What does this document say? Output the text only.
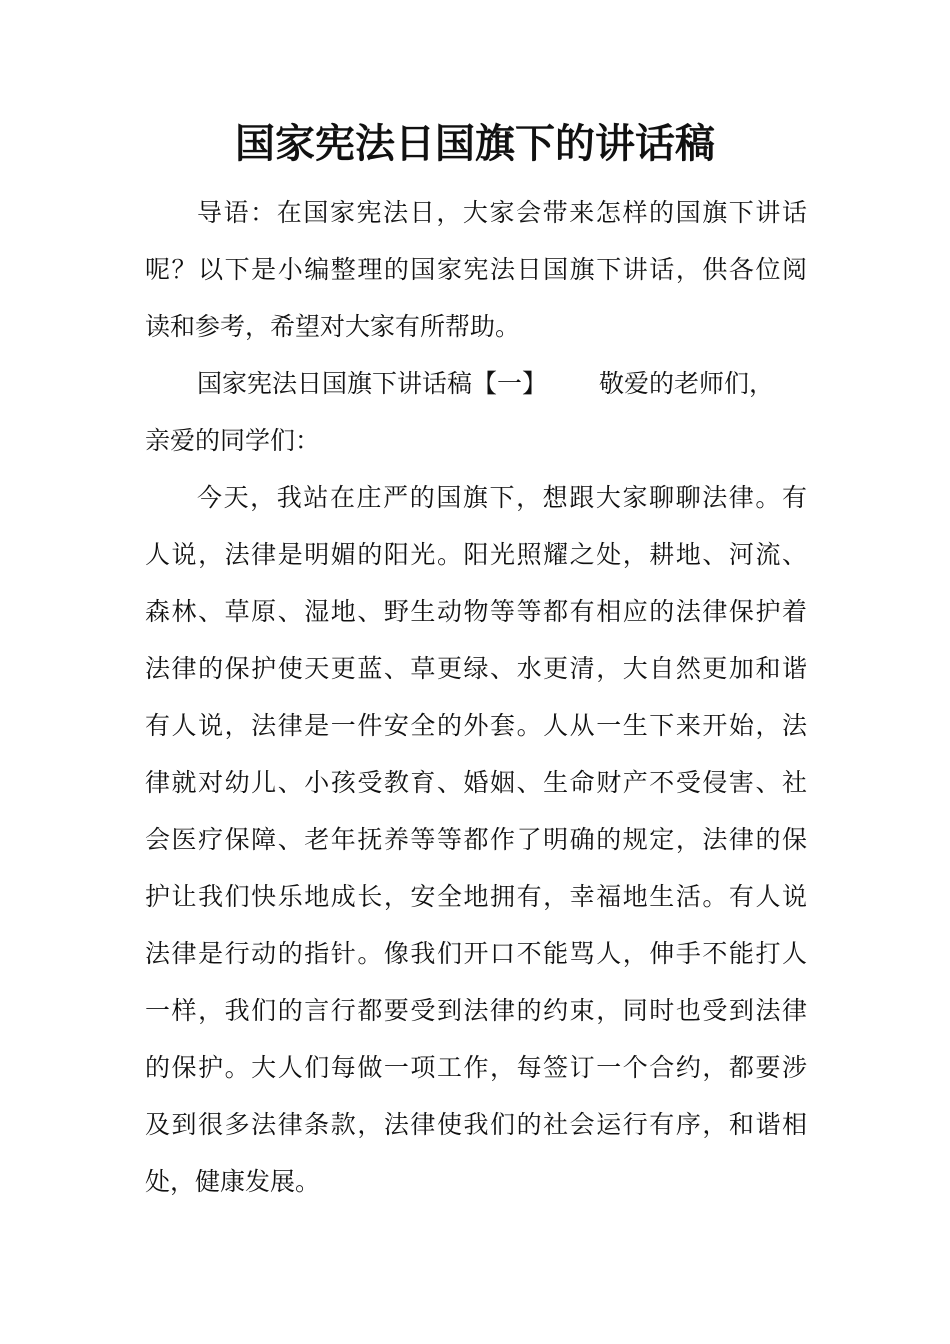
国家宪法日国旗下的讲话稿
导语：在国家宪法日，大家会带来怎样的国旗下讲话
呢？以下是小编整理的国家宪法日国旗下讲话，供各位阅
读和参考，希望对大家有所帮助。
国家宪法日国旗下讲话稿【一】 敬爱的老师们，
亲爱的同学们：
今天，我站在庄严的国旗下，想跟大家聊聊法律。有
人说，法律是明媚的阳光。阳光照耀之处，耕地、河流、
森林、草原、湿地、野生动物等等都有相应的法律保护着
法律的保护使天更蓝、草更绿、水更清，大自然更加和谐
有人说，法律是一件安全的外套。人从一生下来开始，法
律就对幼儿、小孩受教育、婚姻、生命财产不受侵害、社
会医疗保障、老年抚养等等都作了明确的规定，法律的保
护让我们快乐地成长，安全地拥有，幸福地生活。有人说
法律是行动的指针。像我们开口不能骂人，伸手不能打人
一样，我们的言行都要受到法律的约束，同时也受到法律
的保护。大人们每做一项工作，每签订一个合约，都要涉
及到很多法律条款，法律使我们的社会运行有序，和谐相
处，健康发展。
